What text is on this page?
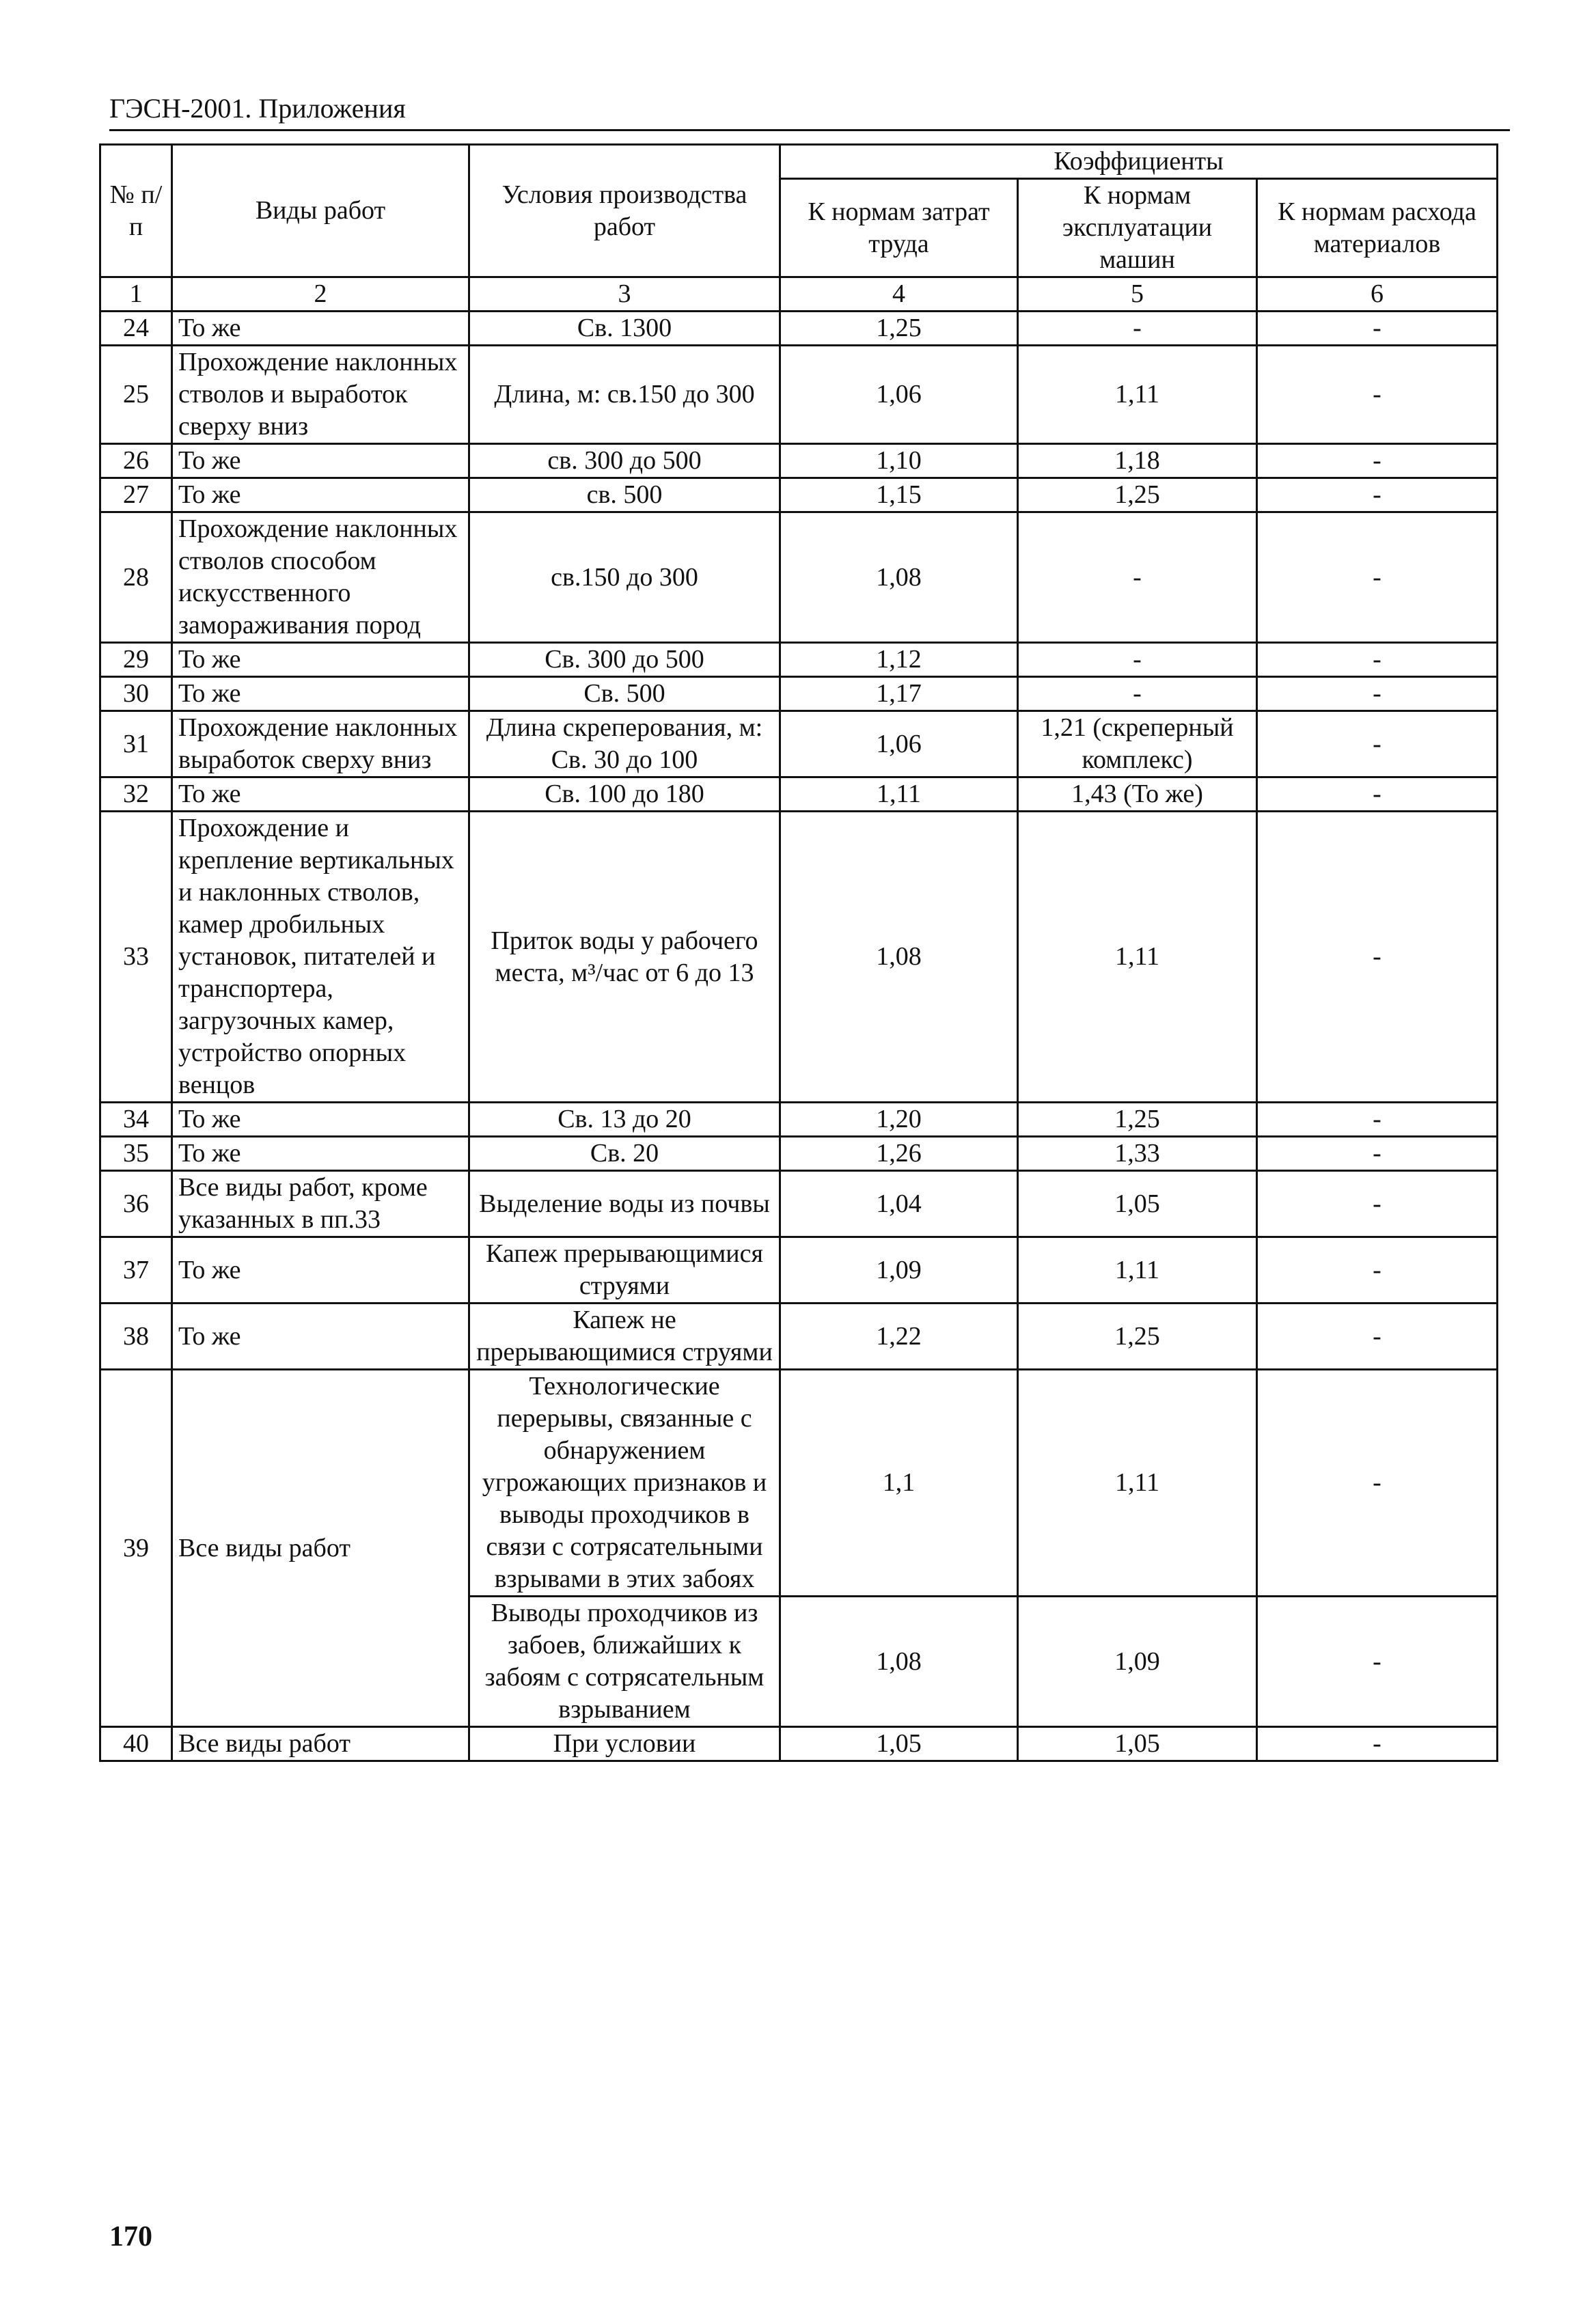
ГЭСН-2001. Приложения
№ п/п	Виды работ	Условия производства работ	Коэффициенты		
			К нормам затрат труда	К нормам эксплуатации машин	К нормам расхода материалов
1	2	3	4	5	6
24	То же	Св. 1300	1,25	-	-
25	Прохождение наклонных стволов и выработок сверху вниз	Длина, м: св.150 до 300	1,06	1,11	-
26	То же	св. 300 до 500	1,10	1,18	-
27	То же	св. 500	1,15	1,25	-
28	Прохождение наклонных стволов способом искусственного замораживания пород	св.150 до 300	1,08	-	-
29	То же	Св. 300 до 500	1,12	-	-
30	То же	Св. 500	1,17	-	-
31	Прохождение наклонных выработок сверху вниз	Длина скреперования, м: Св. 30 до 100	1,06	1,21 (скреперный комплекс)	-
32	То же	Св. 100 до 180	1,11	1,43 (То же)	-
33	Прохождение и крепление вертикальных и наклонных стволов, камер дробильных установок, питателей и транспортера, загрузочных камер, устройство опорных венцов	Приток воды у рабочего места, м³/час от 6 до 13	1,08	1,11	-
34	То же	Св. 13 до 20	1,20	1,25	-
35	То же	Св. 20	1,26	1,33	-
36	Все виды работ, кроме указанных в пп.33	Выделение воды из почвы	1,04	1,05	-
37	То же	Капеж прерывающимися струями	1,09	1,11	-
38	То же	Капеж не прерывающимися струями	1,22	1,25	-
39	Все виды работ	Технологические перерывы, связанные с обнаружением угрожающих признаков и выводы проходчиков в связи с сотрясательными взрывами в этих забоях	1,1	1,11	-
		Выводы проходчиков из забоев, ближайших к забоям с сотрясательным взрыванием	1,08	1,09	-
40	Все виды работ	При условии	1,05	1,05	-
170
